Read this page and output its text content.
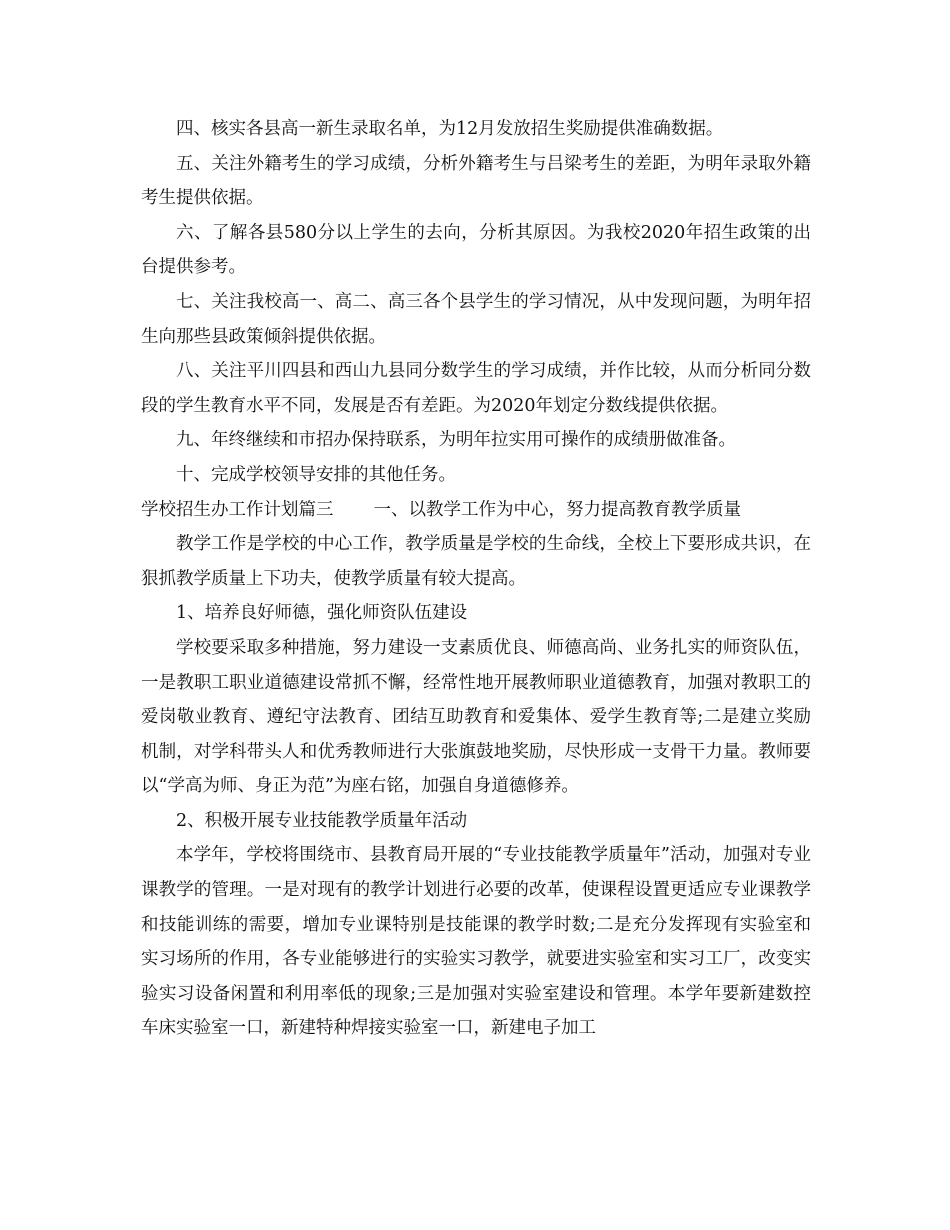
四、核实各县高一新生录取名单，为12月发放招生奖励提供准确数据。

五、关注外籍考生的学习成绩，分析外籍考生与吕梁考生的差距，为明年录取外籍考生提供依据。

六、了解各县580分以上学生的去向，分析其原因。为我校2020年招生政策的出台提供参考。

七、关注我校高一、高二、高三各个县学生的学习情况，从中发现问题，为明年招生向那些县政策倾斜提供依据。

八、关注平川四县和西山九县同分数学生的学习成绩，并作比较，从而分析同分数段的学生教育水平不同，发展是否有差距。为2020年划定分数线提供依据。

九、年终继续和市招办保持联系，为明年拉实用可操作的成绩册做准备。

十、完成学校领导安排的其他任务。

学校招生办工作计划篇三 一、以教学工作为中心，努力提高教育教学质量

教学工作是学校的中心工作，教学质量是学校的生命线，全校上下要形成共识，在狠抓教学质量上下功夫，使教学质量有较大提高。

1、培养良好师德，强化师资队伍建设

学校要采取多种措施，努力建设一支素质优良、师德高尚、业务扎实的师资队伍，一是教职工职业道德建设常抓不懈，经常性地开展教师职业道德教育，加强对教职工的爱岗敬业教育、遵纪守法教育、团结互助教育和爱集体、爱学生教育等;二是建立奖励机制，对学科带头人和优秀教师进行大张旗鼓地奖励，尽快形成一支骨干力量。教师要以“学高为师、身正为范”为座右铭，加强自身道德修养。

2、积极开展专业技能教学质量年活动

本学年，学校将围绕市、县教育局开展的“专业技能教学质量年”活动，加强对专业课教学的管理。一是对现有的教学计划进行必要的改革，使课程设置更适应专业课教学和技能训练的需要，增加专业课特别是技能课的教学时数;二是充分发挥现有实验室和实习场所的作用，各专业能够进行的实验实习教学，就要进实验室和实习工厂，改变实验实习设备闲置和利用率低的现象;三是加强对实验室建设和管理。本学年要新建数控车床实验室一口，新建特种焊接实验室一口，新建电子加工
